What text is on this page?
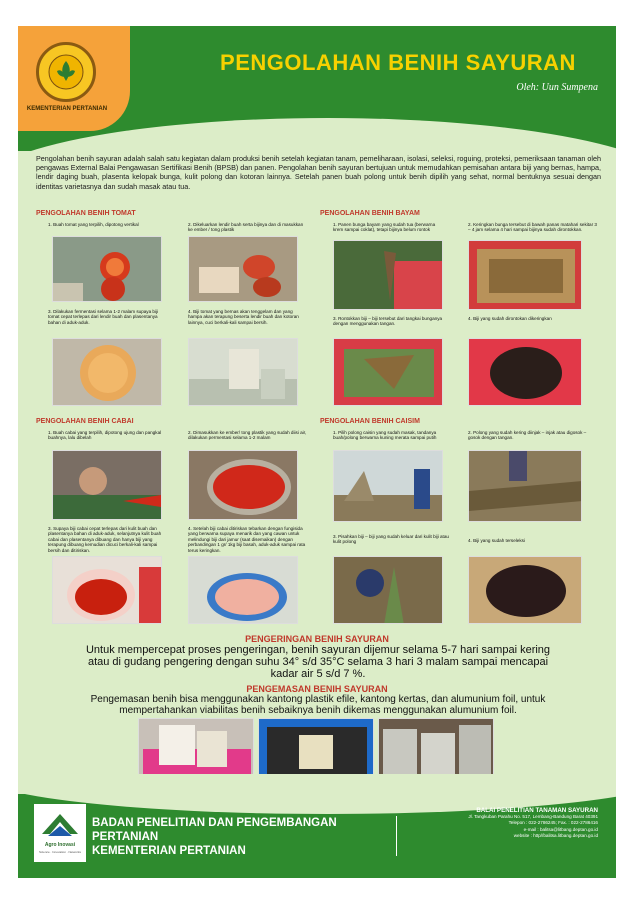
KEMENTERIAN PERTANIAN
PENGOLAHAN BENIH SAYURAN
Oleh: Uun Sumpena
Pengolahan benih sayuran adalah salah satu kegiatan dalam produksi benih setelah kegiatan tanam, pemeliharaan, isolasi, seleksi, roguing, proteksi, pemeriksaan tanaman oleh pengawas External Balai Pengawasan Sertifikasi Benih (BPSB) dan panen. Pengolahan benih sayuran bertujuan untuk memudahkan pemisahan antara biji yang bernas, hampa, lendir daging buah, plasenta kelopak bunga, kulit polong dan kotoran lainnya. Setelah panen buah polong untuk benih dipilih yang sehat, normal bentuknya sesuai dengan identitas varietasnya dan sudah masak atau tua.
PENGOLAHAN BENIH TOMAT
1. Buah tomat yang terpilih, dipotong vertikal	2. Dikeluarkan lendir buah serta bijinya dan di masukkan ke ember / tong plastik
3. Dilakukan fermentasi selama 1-2 malam supaya biji tomat cepat terlepas dari lendir buah dan plasentanya bahan di aduk-aduk.
4. Biji tomat yang bernas akan tenggelam dan yang hampa akan terapung beserta lendir buah dan kotoran lainnya, cuci berkali-kali sampai bersih.
PENGOLAHAN BENIH BAYAM
1. Panen bunga bayam yang sudah tua (berwarna krem sampai coklat), tetapi bijinya belum rontok
2. Keringkan bunga tersebut di bawah panas matahari sekitar 3 – 4 jam selama 4 hari sampai bijinya sudah dirontokkan.
3. Rontokkan biji – biji tersebut dari tangkai bunganya dengan menggunakan tangan.
4. Biji yang sudah dirontokan dikeringkan
PENGOLAHAN BENIH CABAI
1. Buah cabai yang terpilih, dipotong ujung dan pangkal buahnya, lalu dibelah
2. Dimasukkan ke ember/ tong plastik yang sudah diisi air, dilakukan permentasi selama 1-2 malam
3. Supaya biji cabai cepat terlepas dari kulit buah dan plasentanya bahan di aduk-aduk, selanjutnya kulit buah cabai dan plasentanya dibuang dan hanya biji yang terapung dibuang kemudian dicuci berkali-kali sampai bersih dan ditiriskan.
4. Setelah biji cabai ditiriskan tebarkan dengan fungisida yang berwarna supaya menarik dan yang cawan untuk melindungi biji dari jamur (saat disemaikan) dengan perbandingan 1 gr/ 1kg biji basah, aduk-aduk sampai rata terus keringkan.
PENGOLAHAN BENIH CAISIM
1. Pilih polong caisin yang sudah masak, tandanya buah/polong berwarna kuning merata sampai putih
2. Polong yang sudah kering diinjak – injak atau digosok – gosok dengan tangan.
3. Pisahkan biji – biji yang sudah keluar dari kulit biji atau kulit polong	4. Biji yang sudah terseleksi
PENGERINGAN BENIH SAYURAN
Untuk mempercepat proses pengeringan, benih sayuran dijemur selama 5-7 hari sampai kering atau di gudang pengering dengan suhu 34° s/d 35°C selama 3 hari 3 malam sampai mencapai kadar air 5 s/d 7 %.
PENGEMASAN BENIH SAYURAN
Pengemasan benih bisa menggunakan kantong plastik efile, kantong kertas, dan alumunium foil, untuk mempertahankan viabilitas benih sebaiknya benih dikemas menggunakan alumunium foil.
Agro Inovasi
Science . Innovation . Networks
BADAN PENELITIAN DAN PENGEMBANGAN PERTANIAN
KEMENTERIAN PERTANIAN
BALAI PENELITIAN TANAMAN SAYURAN
Jl. Tangkuban Parahu No. 517, Lembang-Bandung Barat 40391
Telepon : 022-2786245; Fax. : 022-2786416
e-mail : balitsa@litbang.deptan.go.id
website : http//balitsa.litbang.deptan.go.id
